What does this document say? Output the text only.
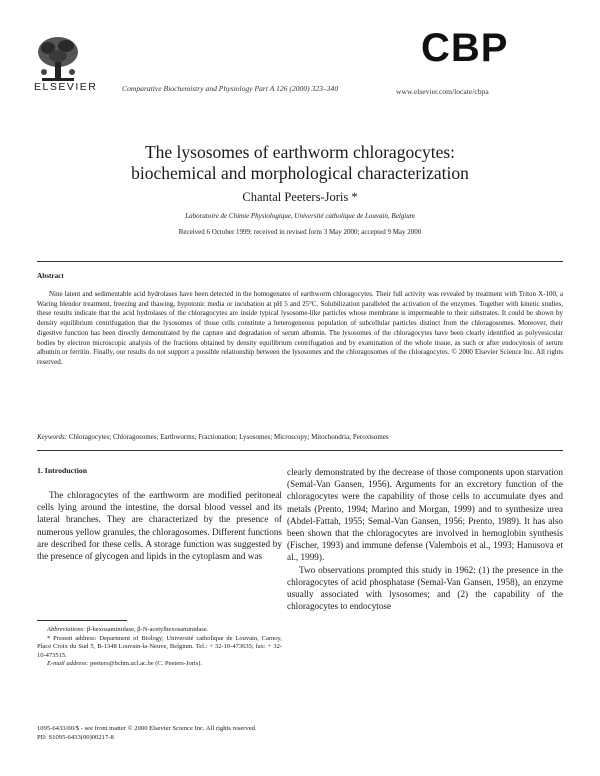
ELSEVIER	Comparative Biochemistry and Physiology Part A 126 (2000) 323–340
CBP
www.elsevier.com/locate/cbpa
The lysosomes of earthworm chloragocytes:
biochemical and morphological characterization
Chantal Peeters-Joris *
Laboratoire de Chimie Physiologique, Université catholique de Louvain, Belgium
Received 6 October 1999; received in revised form 3 May 2000; accepted 9 May 2000
Abstract
Nine latent and sedimentable acid hydrolases have been detected in the homogenates of earthworm chloragocytes. Their full activity was revealed by treatment with Triton X-100, a Waring blendor treatment, freezing and thawing, hypotonic media or incubation at pH 5 and 25°C. Solubilization paralleled the activation of the enzymes. Together with kinetic studies, these results indicate that the acid hydrolases of the chloragocytes are inside typical lysosome-like particles whose membrane is impermeable to their substrates. It could be shown by density equilibrium centrifugation that the lysosomes of those cells constitute a heterogeneous population of subcellular particles distinct from the chloragosomes. Moreover, their digestive function has been directly demonstrated by the capture and degradation of serum albumin. The lysosomes of the chloragocytes have been clearly identified as polyvesicular bodies by electron microscopic analysis of the fractions obtained by density equilibrium centrifugation and by examination of the whole tissue, as such or after endocytosis of serum albumin or ferritin. Finally, our results do not support a possible relationship between the lysosomes and the chloragosomes of the chloragocytes. © 2000 Elsevier Science Inc. All rights reserved.
Keywords: Chloragocytes; Chloragosomes; Earthworms; Fractionation; Lysosomes; Microscopy; Mitochondria; Peroxisomes
1. Introduction
The chloragocytes of the earthworm are modified peritoneal cells lying around the intestine, the dorsal blood vessel and its lateral branches. They are characterized by the presence of numerous yellow granules, the chloragosomes. Different functions are described for these cells. A storage function was suggested by the presence of glycogen and lipids in the cytoplasm and was

clearly demonstrated by the decrease of those components upon starvation (Semal-Van Gansen, 1956). Arguments for an excretory function of the chloragocytes were the capability of those cells to accumulate dyes and metals (Prento, 1994; Marino and Morgan, 1999) and to synthesize urea (Abdel-Fattah, 1955; Semal-Van Gansen, 1956; Prento, 1989). It has also been shown that the chloragocytes are involved in hemoglobin synthesis (Fischer, 1993) and immune defense (Valembois et al., 1993; Hanusova et al., 1999).

Two observations prompted this study in 1962: (1) the presence in the chloragocytes of acid phosphatase (Semal-Van Gansen, 1958), an enzyme usually associated with lysosomes; and (2) the capability of the chloragocytes to endocytose

Abbreviations: β-hexosaminidase, β-N-acetylhexosaminidase.

* Present address: Department of Biology, Université catholique de Louvain, Carnoy, Place Croix du Sud 5, B-1348 Louvain-la-Neuve, Belgium. Tel.: + 32-10-473635; fax: + 32-10-473515.

E-mail address: peeters@bchm.ucl.ac.be (C. Peeters-Joris).

1095-6433/00/$ - see front matter © 2000 Elsevier Science Inc. All rights reserved.
PII: S1095-6433(00)00217-8
